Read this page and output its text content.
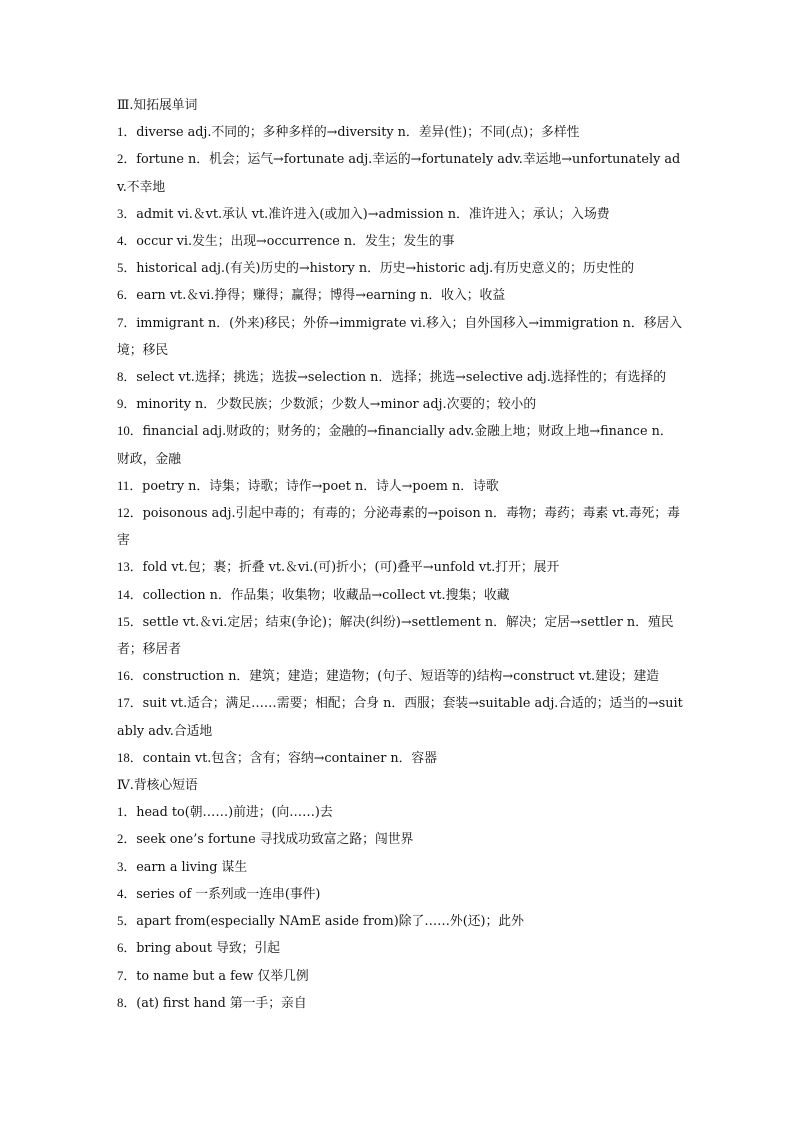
Ⅲ.知拓展单词
1．diverse adj.不同的；多种多样的→diversity n．差异(性)；不同(点)；多样性
2．fortune n．机会；运气→fortunate adj.幸运的→fortunately adv.幸运地→unfortunately adv.不幸地
3．admit vi.＆vt.承认 vt.准许进入(或加入)→admission n．准许进入；承认；入场费
4．occur vi.发生；出现→occurrence n．发生；发生的事
5．historical adj.(有关)历史的→history n．历史→historic adj.有历史意义的；历史性的
6．earn vt.＆vi.挣得；赚得；赢得；博得→earning n．收入；收益
7．immigrant n．(外来)移民；外侨→immigrate vi.移入；自外国移入→immigration n．移居入境；移民
8．select vt.选择；挑选；选拔→selection n．选择；挑选→selective adj.选择性的；有选择的
9．minority n．少数民族；少数派；少数人→minor adj.次要的；较小的
10．financial adj.财政的；财务的；金融的→financially adv.金融上地；财政上地→finance n．财政，金融
11．poetry n．诗集；诗歌；诗作→poet n．诗人→poem n．诗歌
12．poisonous adj.引起中毒的；有毒的；分泌毒素的→poison n．毒物；毒药；毒素 vt.毒死；毒害
13．fold vt.包；裹；折叠 vt.＆vi.(可)折小；(可)叠平→unfold vt.打开；展开
14．collection n．作品集；收集物；收藏品→collect vt.搜集；收藏
15．settle vt.＆vi.定居；结束(争论)；解决(纠纷)→settlement n．解决；定居→settler n．殖民者；移居者
16．construction n．建筑；建造；建造物；(句子、短语等的)结构→construct vt.建设；建造
17．suit vt.适合；满足……需要；相配；合身 n．西服；套装→suitable adj.合适的；适当的→suitably adv.合适地
18．contain vt.包含；含有；容纳→container n．容器
Ⅳ.背核心短语
1．head to(朝……)前进；(向……)去
2．seek one’s fortune 寻找成功致富之路；闯世界
3．earn a living 谋生
4．series of 一系列或一连串(事件)
5．apart from(especially NAmE aside from)除了……外(还)；此外
6．bring about 导致；引起
7．to name but a few 仅举几例
8．(at) first hand 第一手；亲自
